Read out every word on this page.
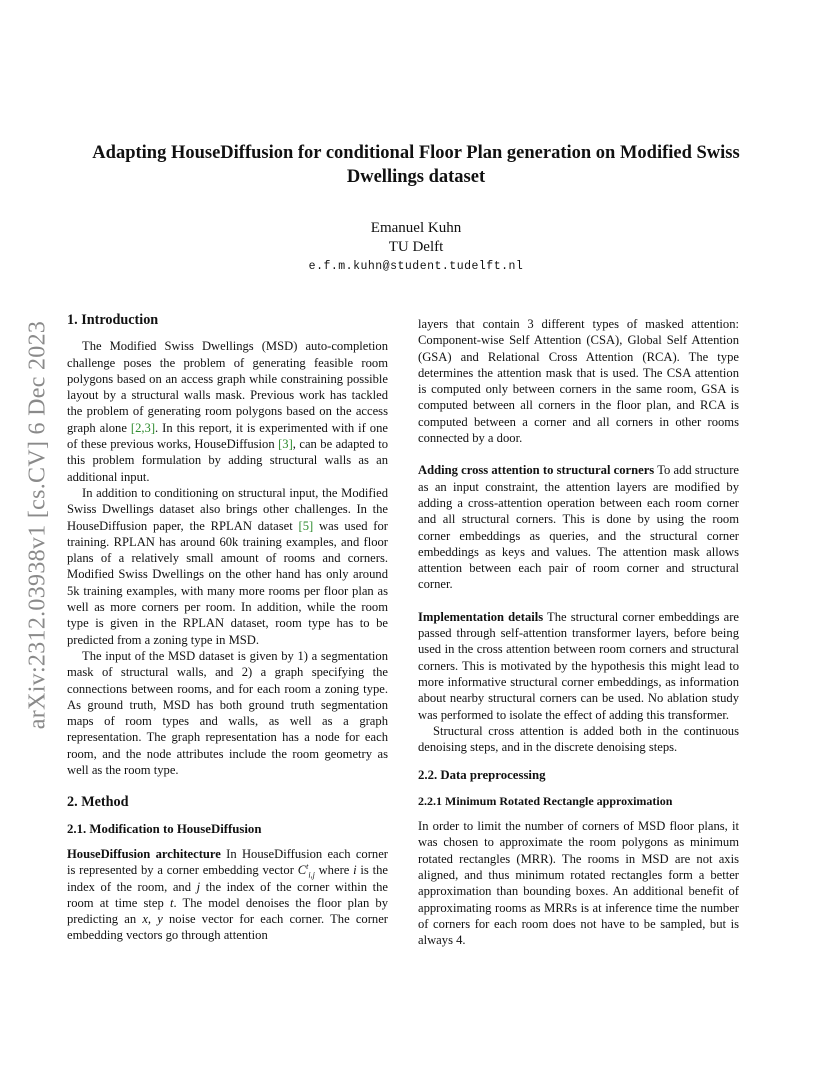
arXiv:2312.03938v1 [cs.CV] 6 Dec 2023
Adapting HouseDiffusion for conditional Floor Plan generation on Modified Swiss Dwellings dataset
Emanuel Kuhn
TU Delft
e.f.m.kuhn@student.tudelft.nl
1. Introduction

The Modified Swiss Dwellings (MSD) auto-completion challenge poses the problem of generating feasible room polygons based on an access graph while constraining possible layout by a structural walls mask. Previous work has tackled the problem of generating room polygons based on the access graph alone [2,3]. In this report, it is experimented with if one of these previous works, HouseDiffusion [3], can be adapted to this problem formulation by adding structural walls as an additional input.

In addition to conditioning on structural input, the Modified Swiss Dwellings dataset also brings other challenges. In the HouseDiffusion paper, the RPLAN dataset [5] was used for training. RPLAN has around 60k training examples, and floor plans of a relatively small amount of rooms and corners. Modified Swiss Dwellings on the other hand has only around 5k training examples, with many more rooms per floor plan as well as more corners per room. In addition, while the room type is given in the RPLAN dataset, room type has to be predicted from a zoning type in MSD.

The input of the MSD dataset is given by 1) a segmentation mask of structural walls, and 2) a graph specifying the connections between rooms, and for each room a zoning type. As ground truth, MSD has both ground truth segmentation maps of room types and walls, as well as a graph representation. The graph representation has a node for each room, and the node attributes include the room geometry as well as the room type.

2. Method
2.1. Modification to HouseDiffusion

HouseDiffusion architecture In HouseDiffusion each corner is represented by a corner embedding vector $C^t_{i,j}$ where i is the index of the room, and j the index of the corner within the room at time step t. The model denoises the floor plan by predicting an x, y noise vector for each corner. The corner embedding vectors go through attention

layers that contain 3 different types of masked attention: Component-wise Self Attention (CSA), Global Self Attention (GSA) and Relational Cross Attention (RCA). The type determines the attention mask that is used. The CSA attention is computed only between corners in the same room, GSA is computed between all corners in the floor plan, and RCA is computed between a corner and all corners in other rooms connected by a door.

Adding cross attention to structural corners To add structure as an input constraint, the attention layers are modified by adding a cross-attention operation between each room corner and all structural corners. This is done by using the room corner embeddings as queries, and the structural corner embeddings as keys and values. The attention mask allows attention between each pair of room corner and structural corner.

Implementation details The structural corner embeddings are passed through self-attention transformer layers, before being used in the cross attention between room corners and structural corners. This is motivated by the hypothesis this might lead to more informative structural corner embeddings, as information about nearby structural corners can be used. No ablation study was performed to isolate the effect of adding this transformer.

Structural cross attention is added both in the continuous denoising steps, and in the discrete denoising steps.

2.2. Data preprocessing
2.2.1 Minimum Rotated Rectangle approximation

In order to limit the number of corners of MSD floor plans, it was chosen to approximate the room polygons as minimum rotated rectangles (MRR). The rooms in MSD are not axis aligned, and thus minimum rotated rectangles form a better approximation than bounding boxes. An additional benefit of approximating rooms as MRRs is at inference time the number of corners for each room does not have to be sampled, but is always 4.
